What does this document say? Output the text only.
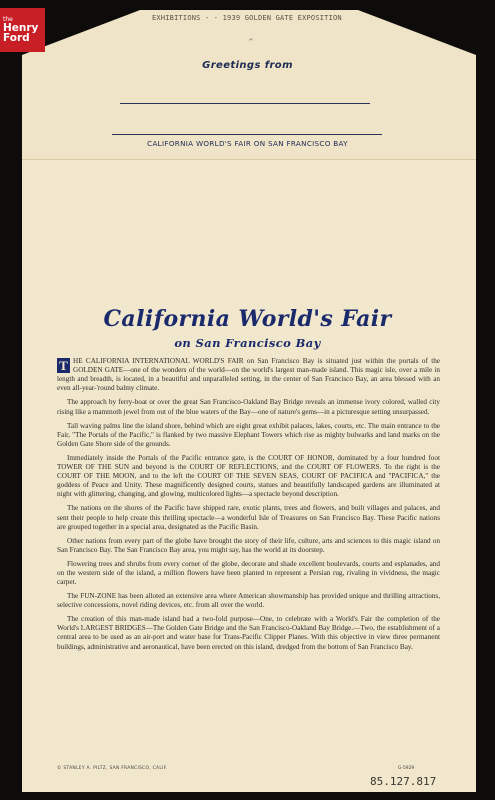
the
Henry
Ford
EXHIBITIONS - - 1939 GOLDEN GATE EXPOSITION
^
Greetings from
CALIFORNIA WORLD'S FAIR ON SAN FRANCISCO BAY
California World's Fair
on San Francisco Bay

T HE CALIFORNIA INTERNATIONAL WORLD'S FAIR on San Francisco Bay is situated just within the portals of the GOLDEN GATE—one of the wonders of the world—on the world's largest man-made island. This magic isle, over a mile in length and breadth, is located, in a beautiful and unparalleled setting, in the center of San Francisco Bay, an area blessed with an even all-year-'round balmy climate.

The approach by ferry-boat or over the great San Francisco-Oakland Bay Bridge reveals an immense ivory colored, walled city rising like a mammoth jewel from out of the blue waters of the Bay—one of nature's gems—in a picturesque setting unsurpassed.

Tall waving palms line the island shore, behind which are eight great exhibit palaces, lakes, courts, etc. The main entrance to the Fair, "The Portals of the Pacific," is flanked by two massive Elephant Towers which rise as mighty bulwarks and land marks on the Golden Gate Shore side of the grounds.

Immediately inside the Portals of the Pacific entrance gate, is the COURT OF HONOR, dominated by a four hundred foot TOWER OF THE SUN and beyond is the COURT OF REFLECTIONS, and the COURT OF FLOWERS. To the right is the COURT OF THE MOON, and to the left the COURT OF THE SEVEN SEAS, COURT OF PACIFICA and "PACIFICA," the goddess of Peace and Unity. These magnificently designed courts, statues and beautifully landscaped gardens are illuminated at night with glittering, changing, and glowing, multicolored lights—a spectacle beyond description.

The nations on the shores of the Pacific have shipped rare, exotic plants, trees and flowers, and built villages and palaces, and sent their people to help create this thrilling spectacle—a wonderful Isle of Treasures on San Francisco Bay. These Pacific nations are grouped together in a special area, designated as the Pacific Basin.

Other nations from every part of the globe have brought the story of their life, culture, arts and sciences to this magic island on San Francisco Bay. The San Francisco Bay area, you might say, has the world at its doorstep.

Flowering trees and shrubs from every corner of the globe, decorate and shade excellent boulevards, courts and esplanades, and on the western side of the island, a million flowers have been planted to represent a Persian rug, rivaling in vividness, the magic carpet.

The FUN-ZONE has been alloted an extensive area where American showmanship has provided unique and thrilling attractions, selective concessions, novel riding devices, etc. from all over the world.

The creation of this man-made island had a two-fold purpose—One, to celebrate with a World's Fair the completion of the World's LARGEST BRIDGES—The Golden Gate Bridge and the San Francisco-Oakland Bay Bridge.—Two, the establishment of a central area to be used as an air-port and water base for Trans-Pacific Clipper Planes. With this objective in view three permanent buildings, administrative and aeronautical, have been erected on this island, dredged from the bottom of San Francisco Bay.

© STANLEY A. PILTZ, SAN FRANCISCO, CALIF.	G-5929
85.127.817
